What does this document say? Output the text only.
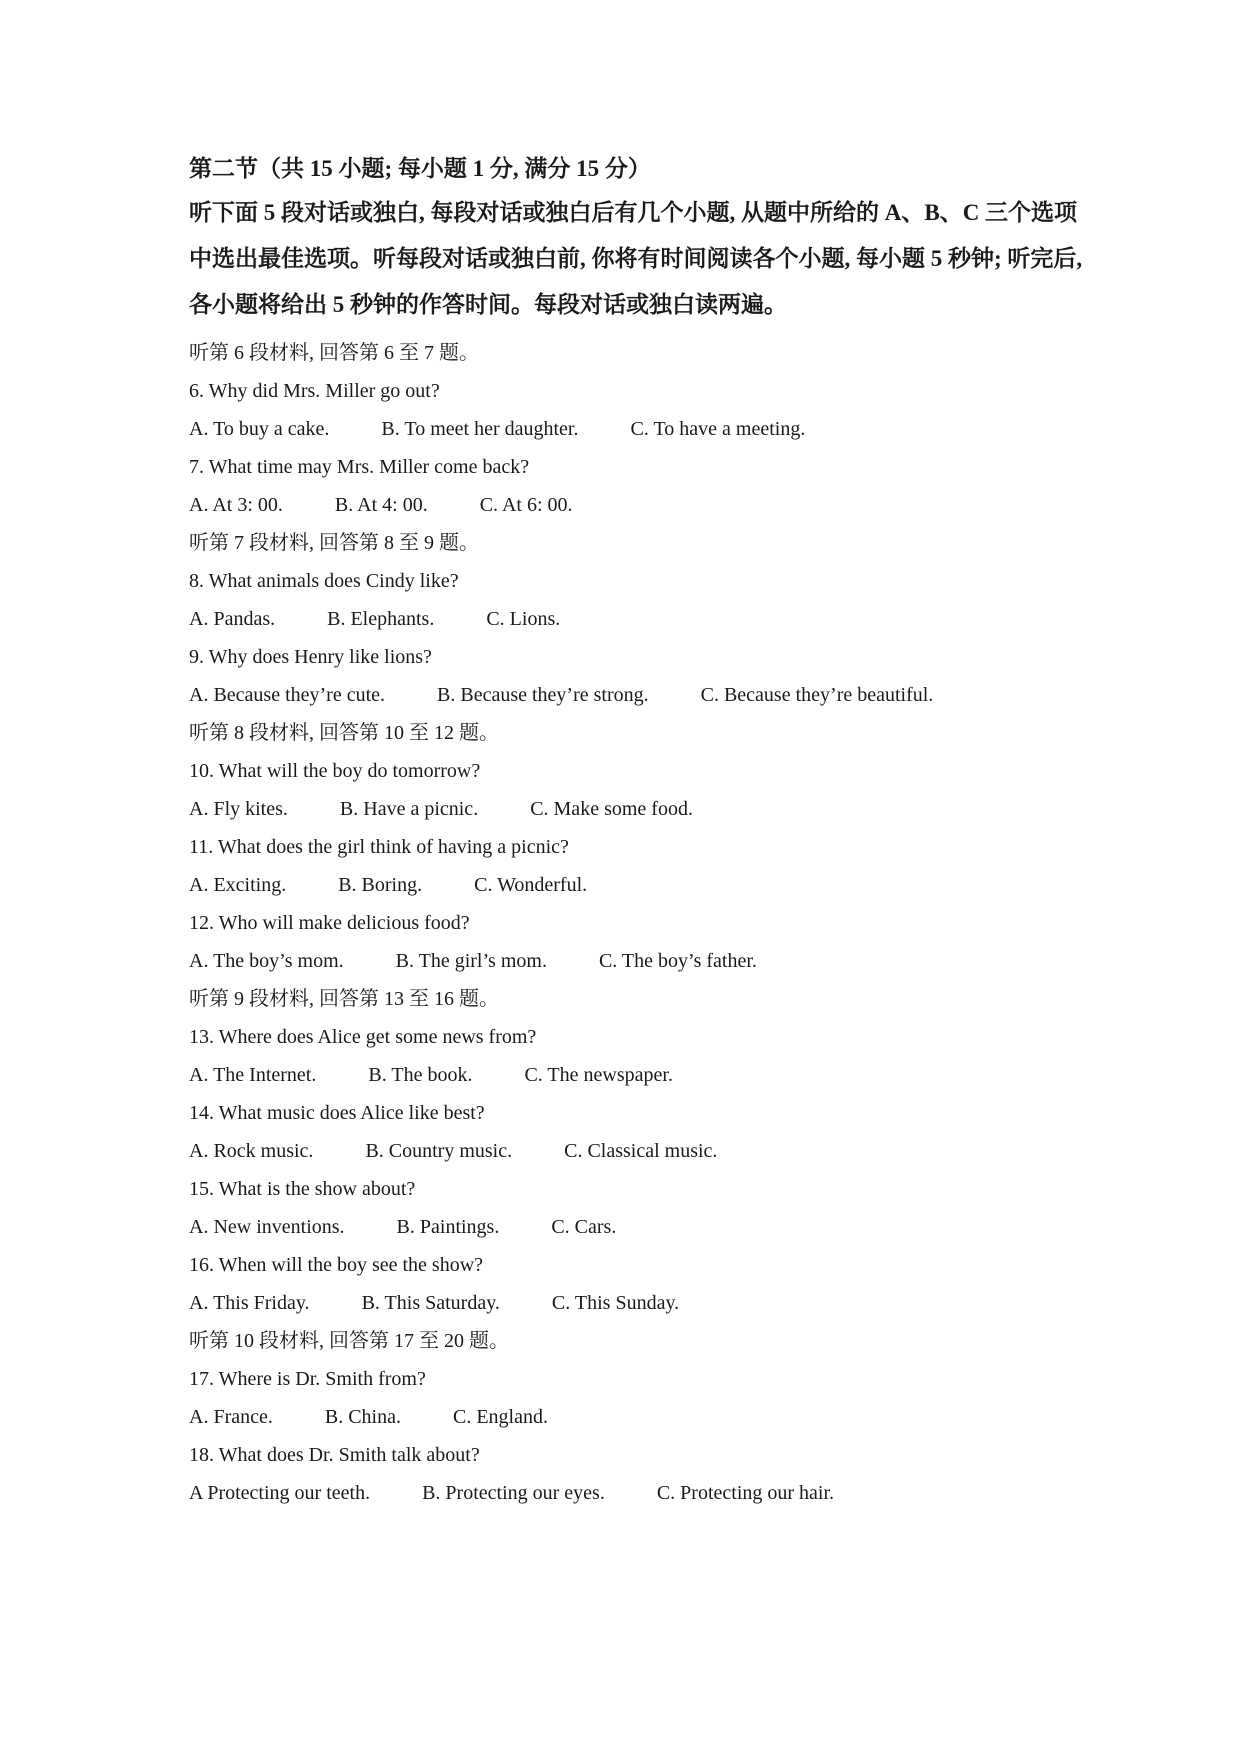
第二节（共 15 小题; 每小题 1 分, 满分 15 分）
听下面 5 段对话或独白, 每段对话或独白后有几个小题, 从题中所给的 A、B、C 三个选项中选出最佳选项。听每段对话或独白前, 你将有时间阅读各个小题, 每小题 5 秒钟; 听完后, 各小题将给出 5 秒钟的作答时间。每段对话或独白读两遍。
听第 6 段材料, 回答第 6 至 7 题。
6. Why did Mrs. Miller go out?
A. To buy a cake.	B. To meet her daughter.	C. To have a meeting.
7. What time may Mrs. Miller come back?
A. At 3: 00.	B. At 4: 00.	C. At 6: 00.
听第 7 段材料, 回答第 8 至 9 题。
8. What animals does Cindy like?
A. Pandas.	B. Elephants.	C. Lions.
9. Why does Henry like lions?
A. Because they’re cute.	B. Because they’re strong.	C. Because they’re beautiful.
听第 8 段材料, 回答第 10 至 12 题。
10. What will the boy do tomorrow?
A. Fly kites.	B. Have a picnic.	C. Make some food.
11. What does the girl think of having a picnic?
A. Exciting.	B. Boring.	C. Wonderful.
12. Who will make delicious food?
A. The boy’s mom.	B. The girl’s mom.	C. The boy’s father.
听第 9 段材料, 回答第 13 至 16 题。
13. Where does Alice get some news from?
A. The Internet.	B. The book.	C. The newspaper.
14. What music does Alice like best?
A. Rock music.	B. Country music.	C. Classical music.
15. What is the show about?
A. New inventions.	B. Paintings.	C. Cars.
16. When will the boy see the show?
A. This Friday.	B. This Saturday.	C. This Sunday.
听第 10 段材料, 回答第 17 至 20 题。
17. Where is Dr. Smith from?
A. France.	B. China.	C. England.
18. What does Dr. Smith talk about?
A Protecting our teeth.	B. Protecting our eyes.	C. Protecting our hair.
